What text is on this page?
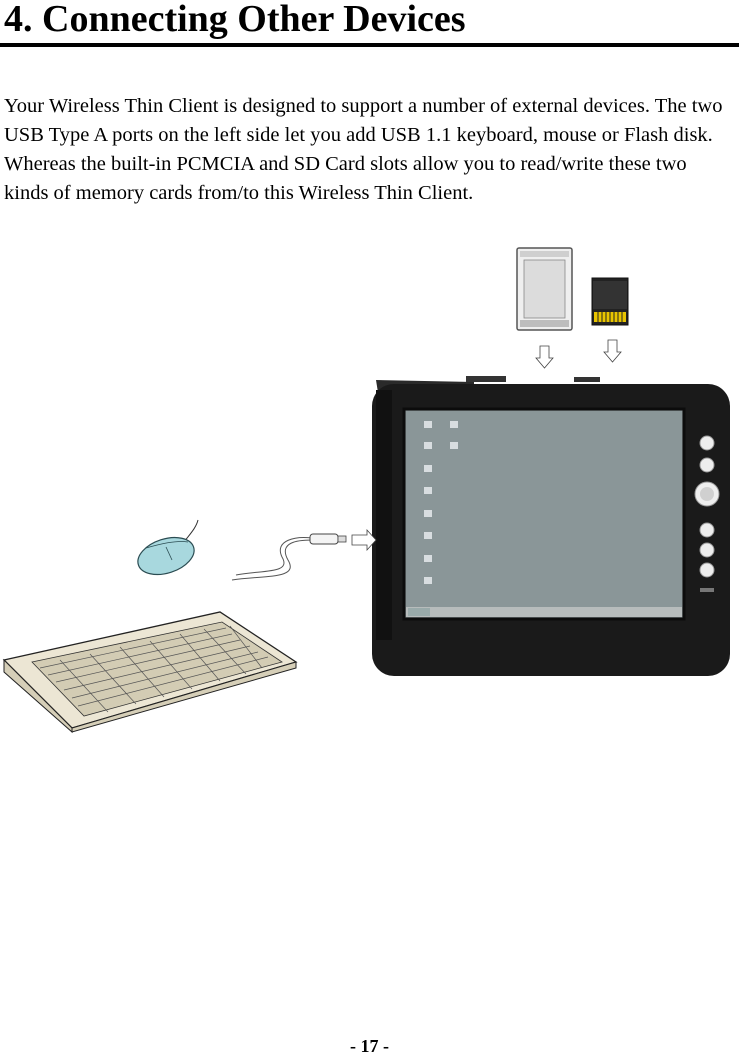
4. Connecting Other Devices

Your Wireless Thin Client is designed to support a number of external devices. The two USB Type A ports on the left side let you add USB 1.1 keyboard, mouse or Flash disk. Whereas the built-in PCMCIA and SD Card slots allow you to read/write these two kinds of memory cards from/to this Wireless Thin Client.

- 17 -
